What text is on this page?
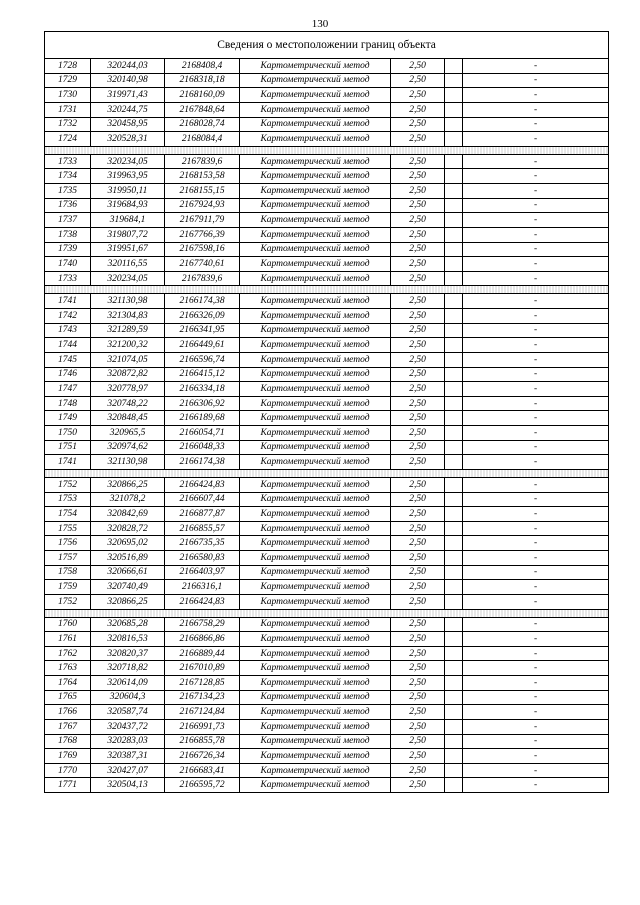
130
Сведения о местоположении границ объекта						
1728	320244,03	2168408,4	Картометрический метод	2,50		-
1729	320140,98	2168318,18	Картометрический метод	2,50		-
1730	319971,43	2168160,09	Картометрический метод	2,50		-
1731	320244,75	2167848,64	Картометрический метод	2,50		-
1732	320458,95	2168028,74	Картометрический метод	2,50		-
1724	320528,31	2168084,4	Картометрический метод	2,50		-

1733	320234,05	2167839,6	Картометрический метод	2,50		-
1734	319963,95	2168153,58	Картометрический метод	2,50		-
1735	319950,11	2168155,15	Картометрический метод	2,50		-
1736	319684,93	2167924,93	Картометрический метод	2,50		-
1737	319684,1	2167911,79	Картометрический метод	2,50		-
1738	319807,72	2167766,39	Картометрический метод	2,50		-
1739	319951,67	2167598,16	Картометрический метод	2,50		-
1740	320116,55	2167740,61	Картометрический метод	2,50		-
1733	320234,05	2167839,6	Картометрический метод	2,50		-

1741	321130,98	2166174,38	Картометрический метод	2,50		-
1742	321304,83	2166326,09	Картометрический метод	2,50		-
1743	321289,59	2166341,95	Картометрический метод	2,50		-
1744	321200,32	2166449,61	Картометрический метод	2,50		-
1745	321074,05	2166596,74	Картометрический метод	2,50		-
1746	320872,82	2166415,12	Картометрический метод	2,50		-
1747	320778,97	2166334,18	Картометрический метод	2,50		-
1748	320748,22	2166306,92	Картометрический метод	2,50		-
1749	320848,45	2166189,68	Картометрический метод	2,50		-
1750	320965,5	2166054,71	Картометрический метод	2,50		-
1751	320974,62	2166048,33	Картометрический метод	2,50		-
1741	321130,98	2166174,38	Картометрический метод	2,50		-

1752	320866,25	2166424,83	Картометрический метод	2,50		-
1753	321078,2	2166607,44	Картометрический метод	2,50		-
1754	320842,69	2166877,87	Картометрический метод	2,50		-
1755	320828,72	2166855,57	Картометрический метод	2,50		-
1756	320695,02	2166735,35	Картометрический метод	2,50		-
1757	320516,89	2166580,83	Картометрический метод	2,50		-
1758	320666,61	2166403,97	Картометрический метод	2,50		-
1759	320740,49	2166316,1	Картометрический метод	2,50		-
1752	320866,25	2166424,83	Картометрический метод	2,50		-

1760	320685,28	2166758,29	Картометрический метод	2,50		-
1761	320816,53	2166866,86	Картометрический метод	2,50		-
1762	320820,37	2166889,44	Картометрический метод	2,50		-
1763	320718,82	2167010,89	Картометрический метод	2,50		-
1764	320614,09	2167128,85	Картометрический метод	2,50		-
1765	320604,3	2167134,23	Картометрический метод	2,50		-
1766	320587,74	2167124,84	Картометрический метод	2,50		-
1767	320437,72	2166991,73	Картометрический метод	2,50		-
1768	320283,03	2166855,78	Картометрический метод	2,50		-
1769	320387,31	2166726,34	Картометрический метод	2,50		-
1770	320427,07	2166683,41	Картометрический метод	2,50		-
1771	320504,13	2166595,72	Картометрический метод	2,50		-
